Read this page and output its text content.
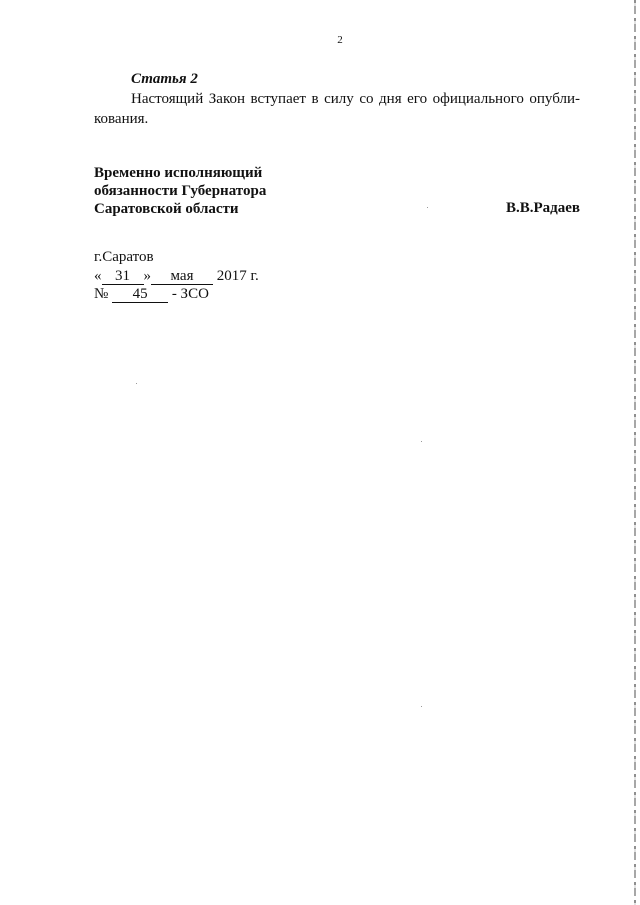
2
Статья 2
Настоящий Закон вступает в силу со дня его официального опубли-
кования.
Временно исполняющий
обязанности Губернатора
Саратовской области	В.В.Радаев
г.Саратов
« 31 » мая 2017 г.
№ 45 - ЗСО
